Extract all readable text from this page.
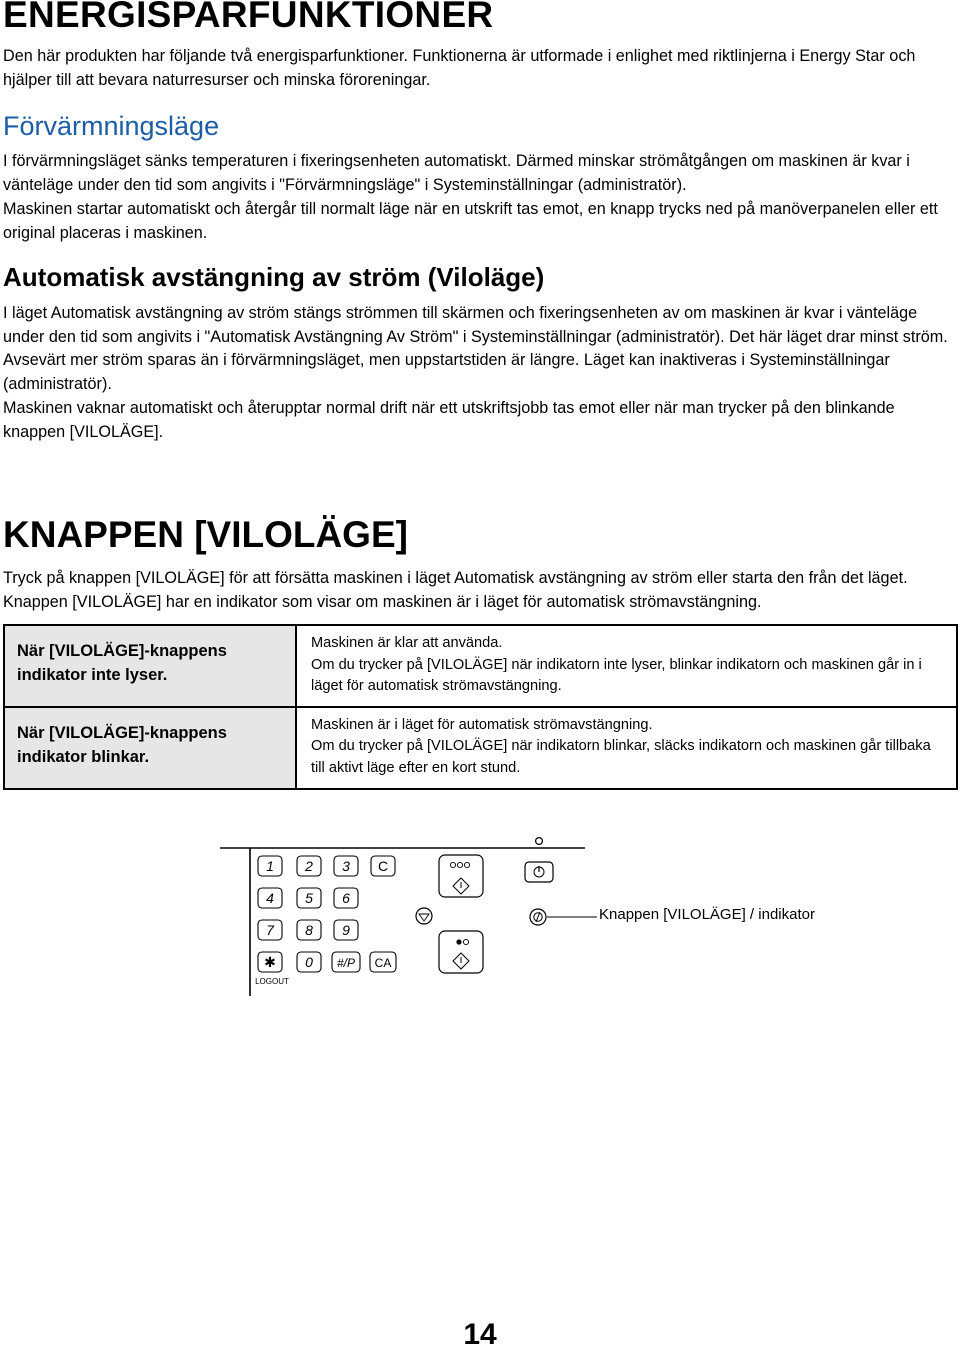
ENERGISPARFUNKTIONER

Den här produkten har följande två energisparfunktioner. Funktionerna är utformade i enlighet med riktlinjerna i Energy Star och hjälper till att bevara naturresurser och minska föroreningar.

Förvärmningsläge

I förvärmningsläget sänks temperaturen i fixeringsenheten automatiskt. Därmed minskar strömåtgången om maskinen är kvar i vänteläge under den tid som angivits i "Förvärmningsläge" i Systeminställningar (administratör).

Maskinen startar automatiskt och återgår till normalt läge när en utskrift tas emot, en knapp trycks ned på manöverpanelen eller ett original placeras i maskinen.

Automatisk avstängning av ström (Viloläge)

I läget Automatisk avstängning av ström stängs strömmen till skärmen och fixeringsenheten av om maskinen är kvar i vänteläge under den tid som angivits i "Automatisk Avstängning Av Ström" i Systeminställningar (administratör). Det här läget drar minst ström. Avsevärt mer ström sparas än i förvärmningsläget, men uppstartstiden är längre. Läget kan inaktiveras i Systeminställningar (administratör).

Maskinen vaknar automatiskt och återupptar normal drift när ett utskriftsjobb tas emot eller när man trycker på den blinkande knappen [VILOLÄGE].

KNAPPEN [VILOLÄGE]

Tryck på knappen [VILOLÄGE] för att försätta maskinen i läget Automatisk avstängning av ström eller starta den från det läget. Knappen [VILOLÄGE] har en indikator som visar om maskinen är i läget för automatisk strömavstängning.

När [VILOLÄGE]-knappens indikator inte lyser.	Maskinen är klar att använda.
Om du trycker på [VILOLÄGE] när indikatorn inte lyser, blinkar indikatorn och maskinen går in i läget för automatisk strömavstängning.

När [VILOLÄGE]-knappens indikator blinkar.	Maskinen är i läget för automatisk strömavstängning.
Om du trycker på [VILOLÄGE] när indikatorn blinkar, släcks indikatorn och maskinen går tillbaka till aktivt läge efter en kort stund.
1 2 3 C
4 5 6
7 8 9
✱ 0 #/P CA
LOGOUT
Knappen [VILOLÄGE] / indikator
14
